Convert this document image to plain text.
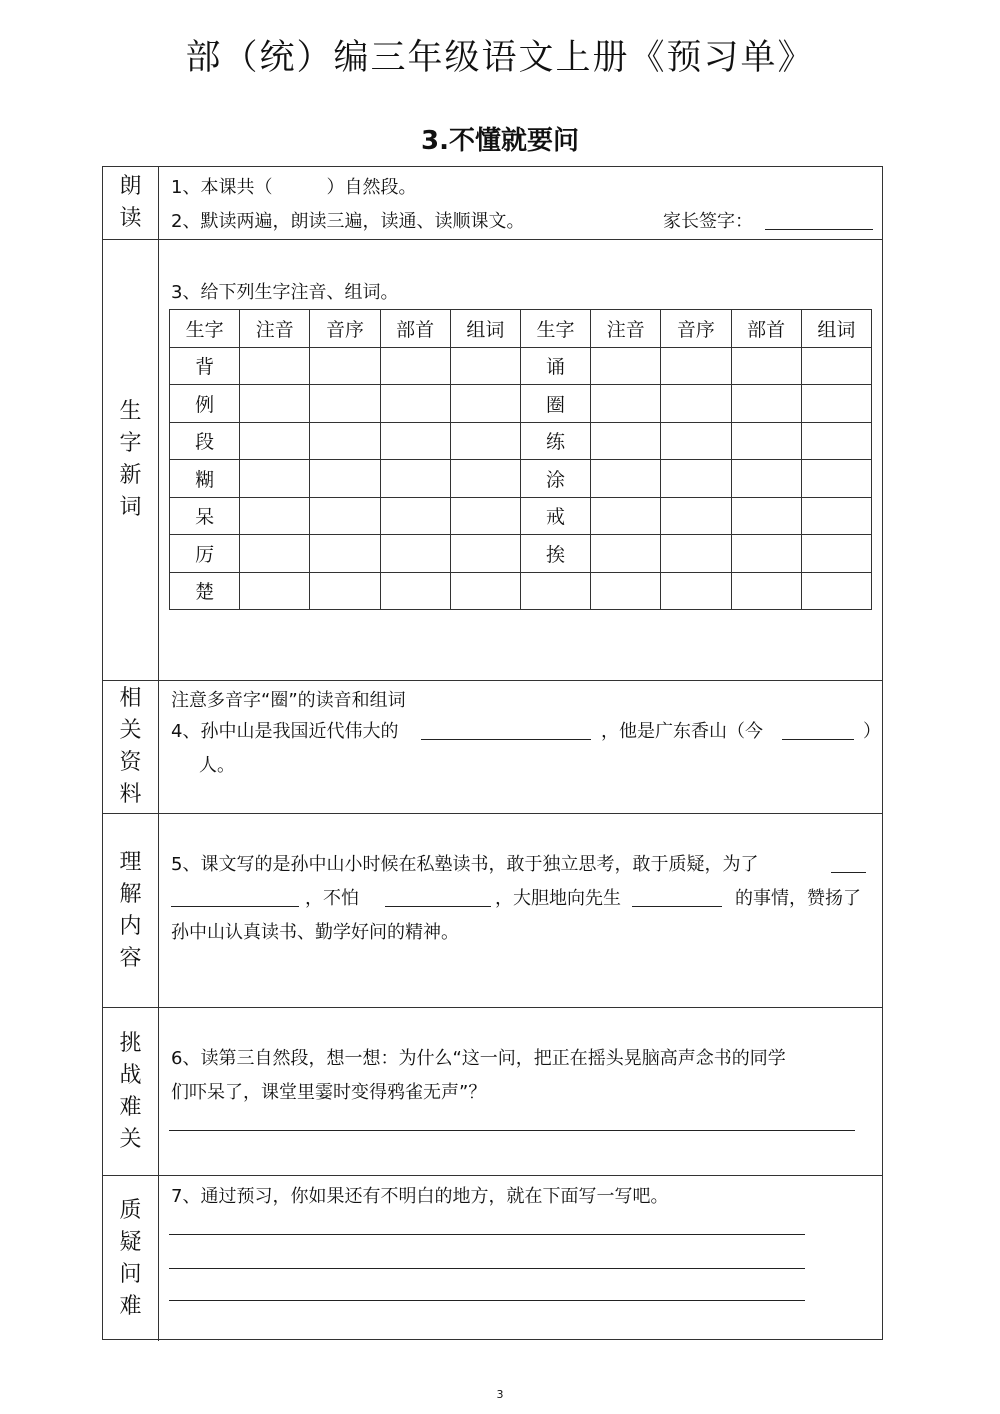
部（统）编三年级语文上册《预习单》
3.不懂就要问
朗读
1、本课共（　　　）自然段。
2、默读两遍，朗读三遍，读通、读顺课文。	家长签字：
生字新词
3、给下列生字注音、组词。
生字	注音	音序	部首	组词	生字	注音	音序	部首	组词
背					诵				
例					圈				
段					练				
糊					涂				
呆					戒				
厉					挨				
楚									
注意多音字“圈”的读音和组词
相关资料
4、孙中山是我国近代伟大的	，他是广东香山（今	）
人。
理解内容
5、课文写的是孙中山小时候在私塾读书，敢于独立思考，敢于质疑，为了
，不怕	，大胆地向先生	的事情，赞扬了
孙中山认真读书、勤学好问的精神。
挑战难关
6、读第三自然段，想一想：为什么“这一问，把正在摇头晃脑高声念书的同学
们吓呆了，课堂里霎时变得鸦雀无声”？
质疑问难
7、通过预习，你如果还有不明白的地方，就在下面写一写吧。
3
